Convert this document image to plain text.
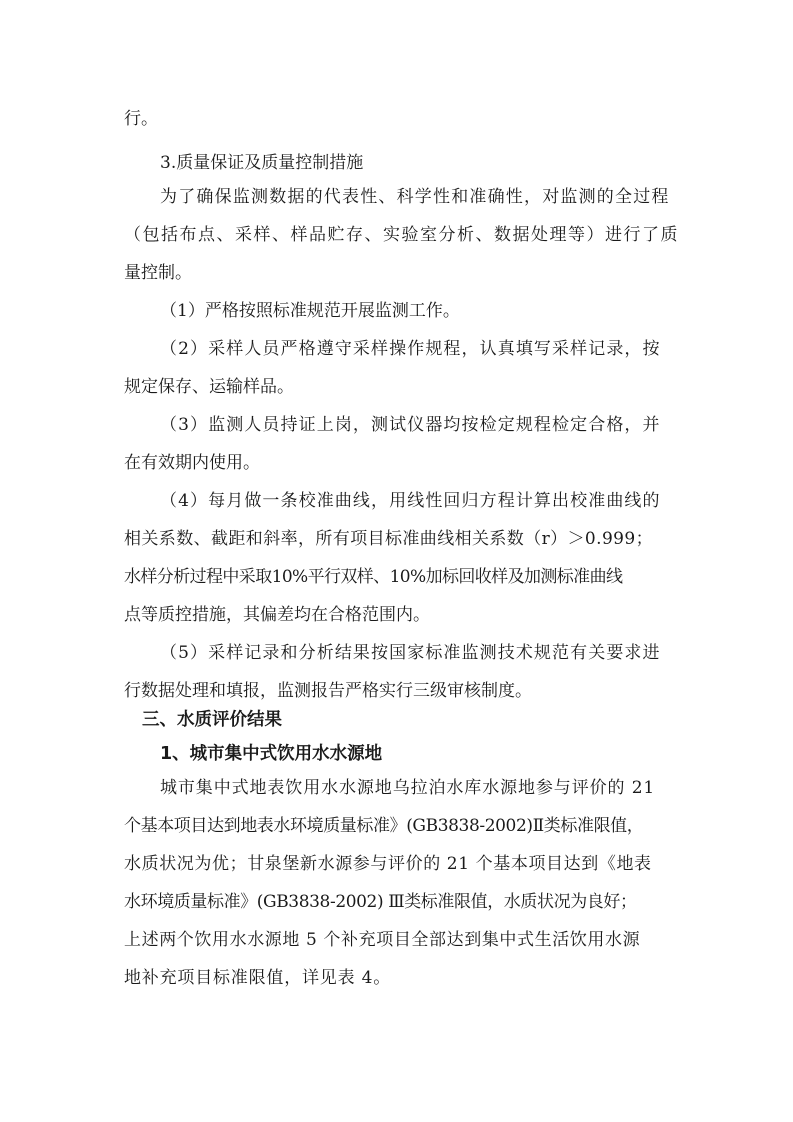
行。
3.质量保证及质量控制措施
为了确保监测数据的代表性、科学性和准确性，对监测的全过程
（包括布点、采样、样品贮存、实验室分析、数据处理等）进行了质
量控制。
（1）严格按照标准规范开展监测工作。
（2）采样人员严格遵守采样操作规程，认真填写采样记录，按
规定保存、运输样品。
（3）监测人员持证上岗，测试仪器均按检定规程检定合格，并
在有效期内使用。
（4）每月做一条校准曲线，用线性回归方程计算出校准曲线的
相关系数、截距和斜率，所有项目标准曲线相关系数（r）＞0.999；
水样分析过程中采取10%平行双样、10%加标回收样及加测标准曲线
点等质控措施，其偏差均在合格范围内。
（5）采样记录和分析结果按国家标准监测技术规范有关要求进
行数据处理和填报，监测报告严格实行三级审核制度。
三、水质评价结果
1、城市集中式饮用水水源地
城市集中式地表饮用水水源地乌拉泊水库水源地参与评价的 21
个基本项目达到地表水环境质量标准》(GB3838-2002)Ⅱ类标准限值，
水质状况为优；甘泉堡新水源参与评价的 21 个基本项目达到《地表
水环境质量标准》(GB3838-2002) Ⅲ类标准限值，水质状况为良好；
上述两个饮用水水源地 5 个补充项目全部达到集中式生活饮用水源
地补充项目标准限值，详见表 4。
